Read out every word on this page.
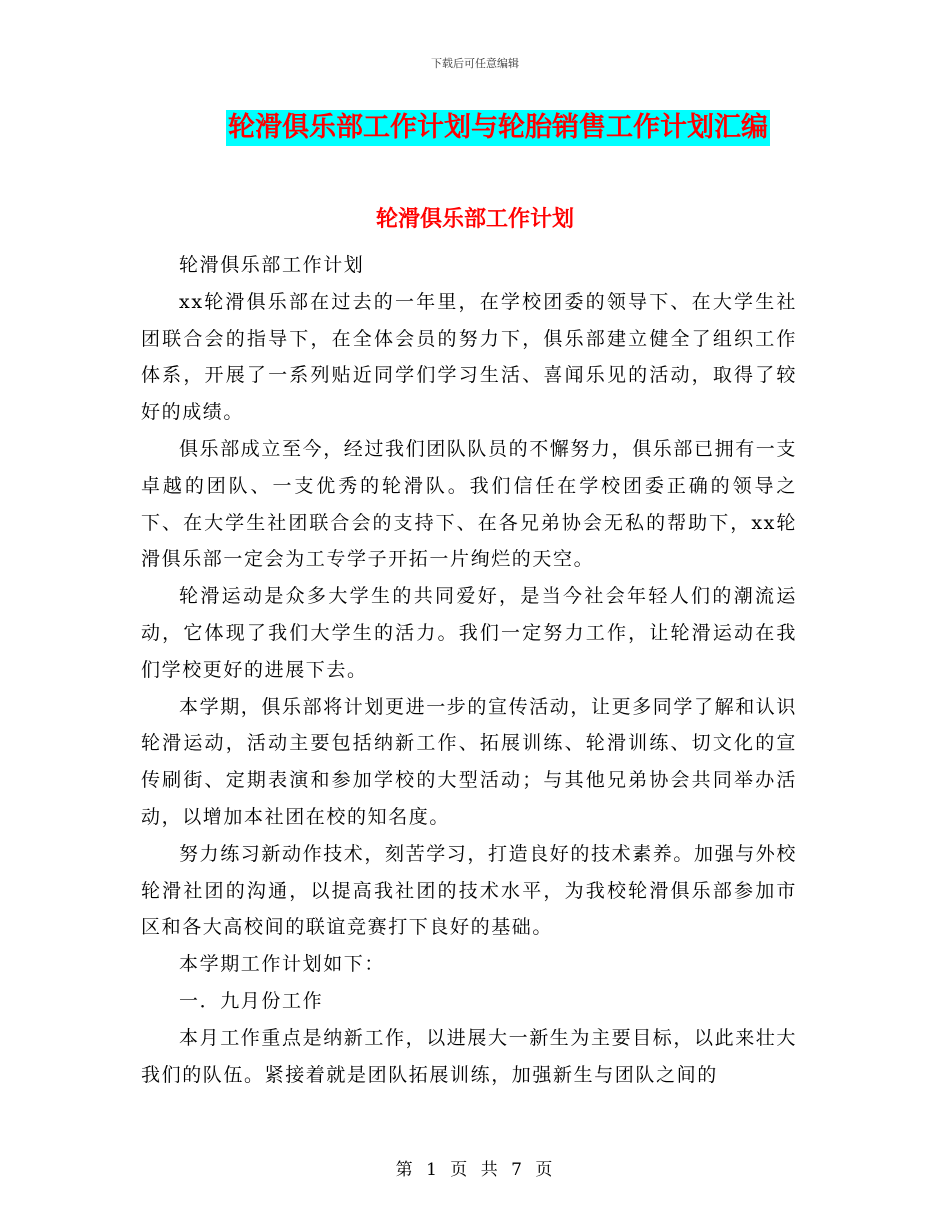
下载后可任意编辑
轮滑俱乐部工作计划与轮胎销售工作计划汇编
轮滑俱乐部工作计划

轮滑俱乐部工作计划

xx轮滑俱乐部在过去的一年里，在学校团委的领导下、在大学生社团联合会的指导下，在全体会员的努力下，俱乐部建立健全了组织工作体系，开展了一系列贴近同学们学习生活、喜闻乐见的活动，取得了较好的成绩。

俱乐部成立至今，经过我们团队队员的不懈努力，俱乐部已拥有一支卓越的团队、一支优秀的轮滑队。我们信任在学校团委正确的领导之下、在大学生社团联合会的支持下、在各兄弟协会无私的帮助下，xx轮滑俱乐部一定会为工专学子开拓一片绚烂的天空。

轮滑运动是众多大学生的共同爱好，是当今社会年轻人们的潮流运动，它体现了我们大学生的活力。我们一定努力工作，让轮滑运动在我们学校更好的进展下去。

本学期，俱乐部将计划更进一步的宣传活动，让更多同学了解和认识轮滑运动，活动主要包括纳新工作、拓展训练、轮滑训练、切文化的宣传刷街、定期表演和参加学校的大型活动；与其他兄弟协会共同举办活动，以增加本社团在校的知名度。

努力练习新动作技术，刻苦学习，打造良好的技术素养。加强与外校轮滑社团的沟通，以提高我社团的技术水平，为我校轮滑俱乐部参加市区和各大高校间的联谊竞赛打下良好的基础。

本学期工作计划如下：

一．九月份工作

本月工作重点是纳新工作，以进展大一新生为主要目标，以此来壮大我们的队伍。紧接着就是团队拓展训练，加强新生与团队之间的

第 1 页 共 7 页
